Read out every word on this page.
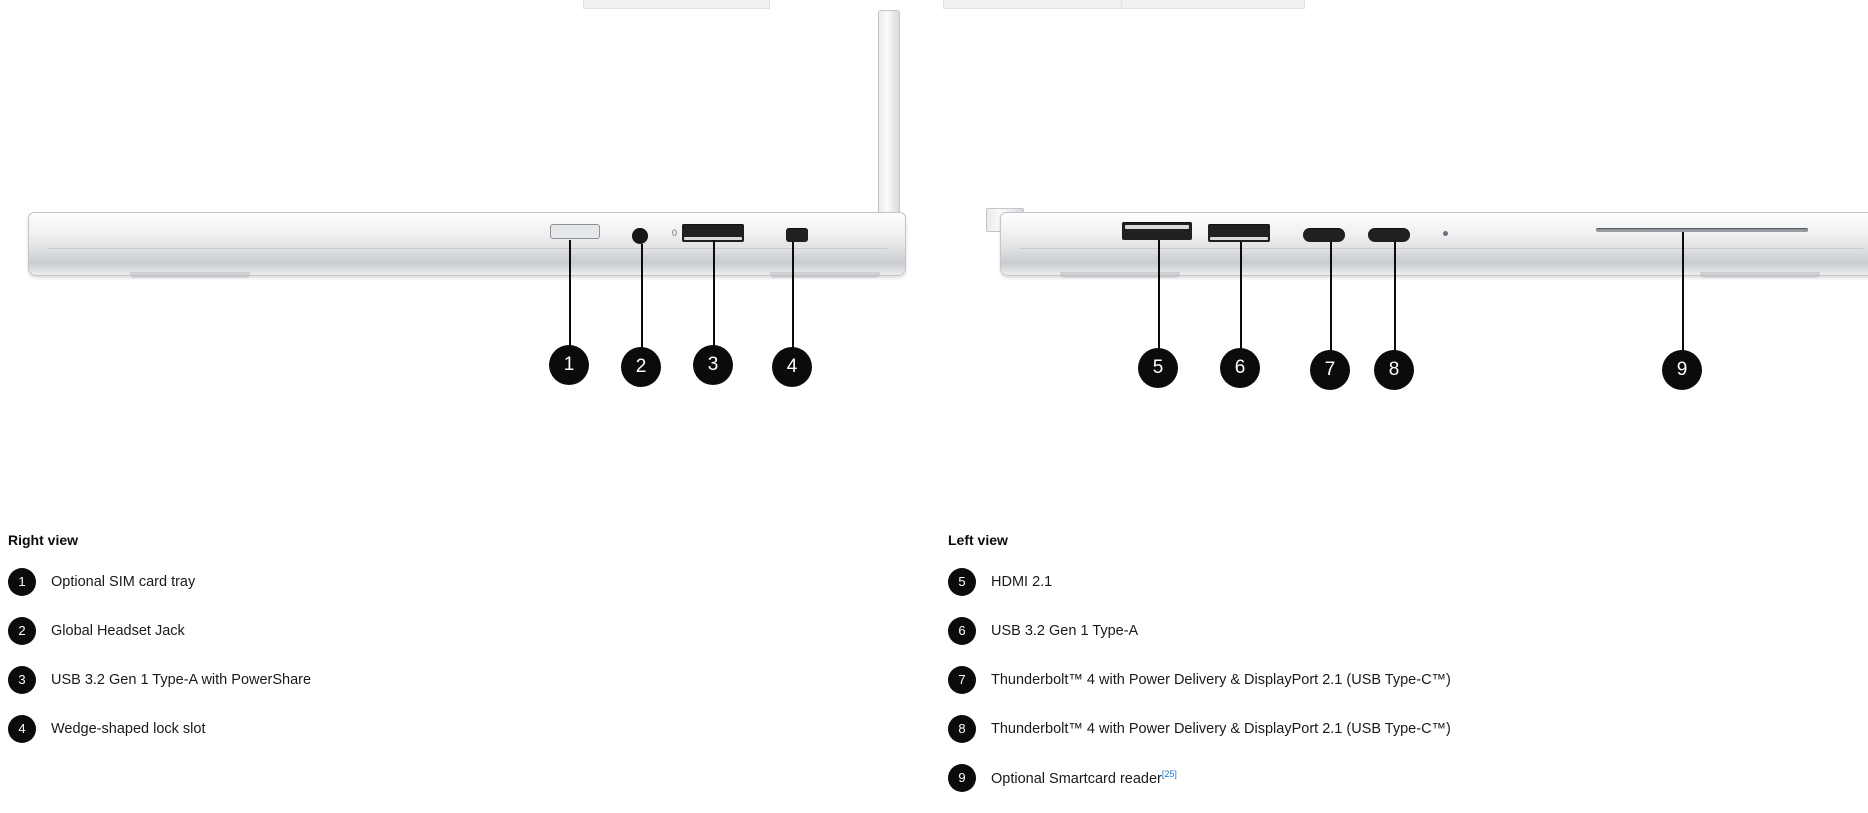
0
1	2	3	4	5	6	7	8	9
Right view
1	Optional SIM card tray
2	Global Headset Jack
3	USB 3.2 Gen 1 Type-A with PowerShare
4	Wedge-shaped lock slot
Left view
5	HDMI 2.1
6	USB 3.2 Gen 1 Type-A
7	Thunderbolt™ 4 with Power Delivery & DisplayPort 2.1 (USB Type-C™)
8	Thunderbolt™ 4 with Power Delivery & DisplayPort 2.1 (USB Type-C™)
9	Optional Smartcard reader[25]
